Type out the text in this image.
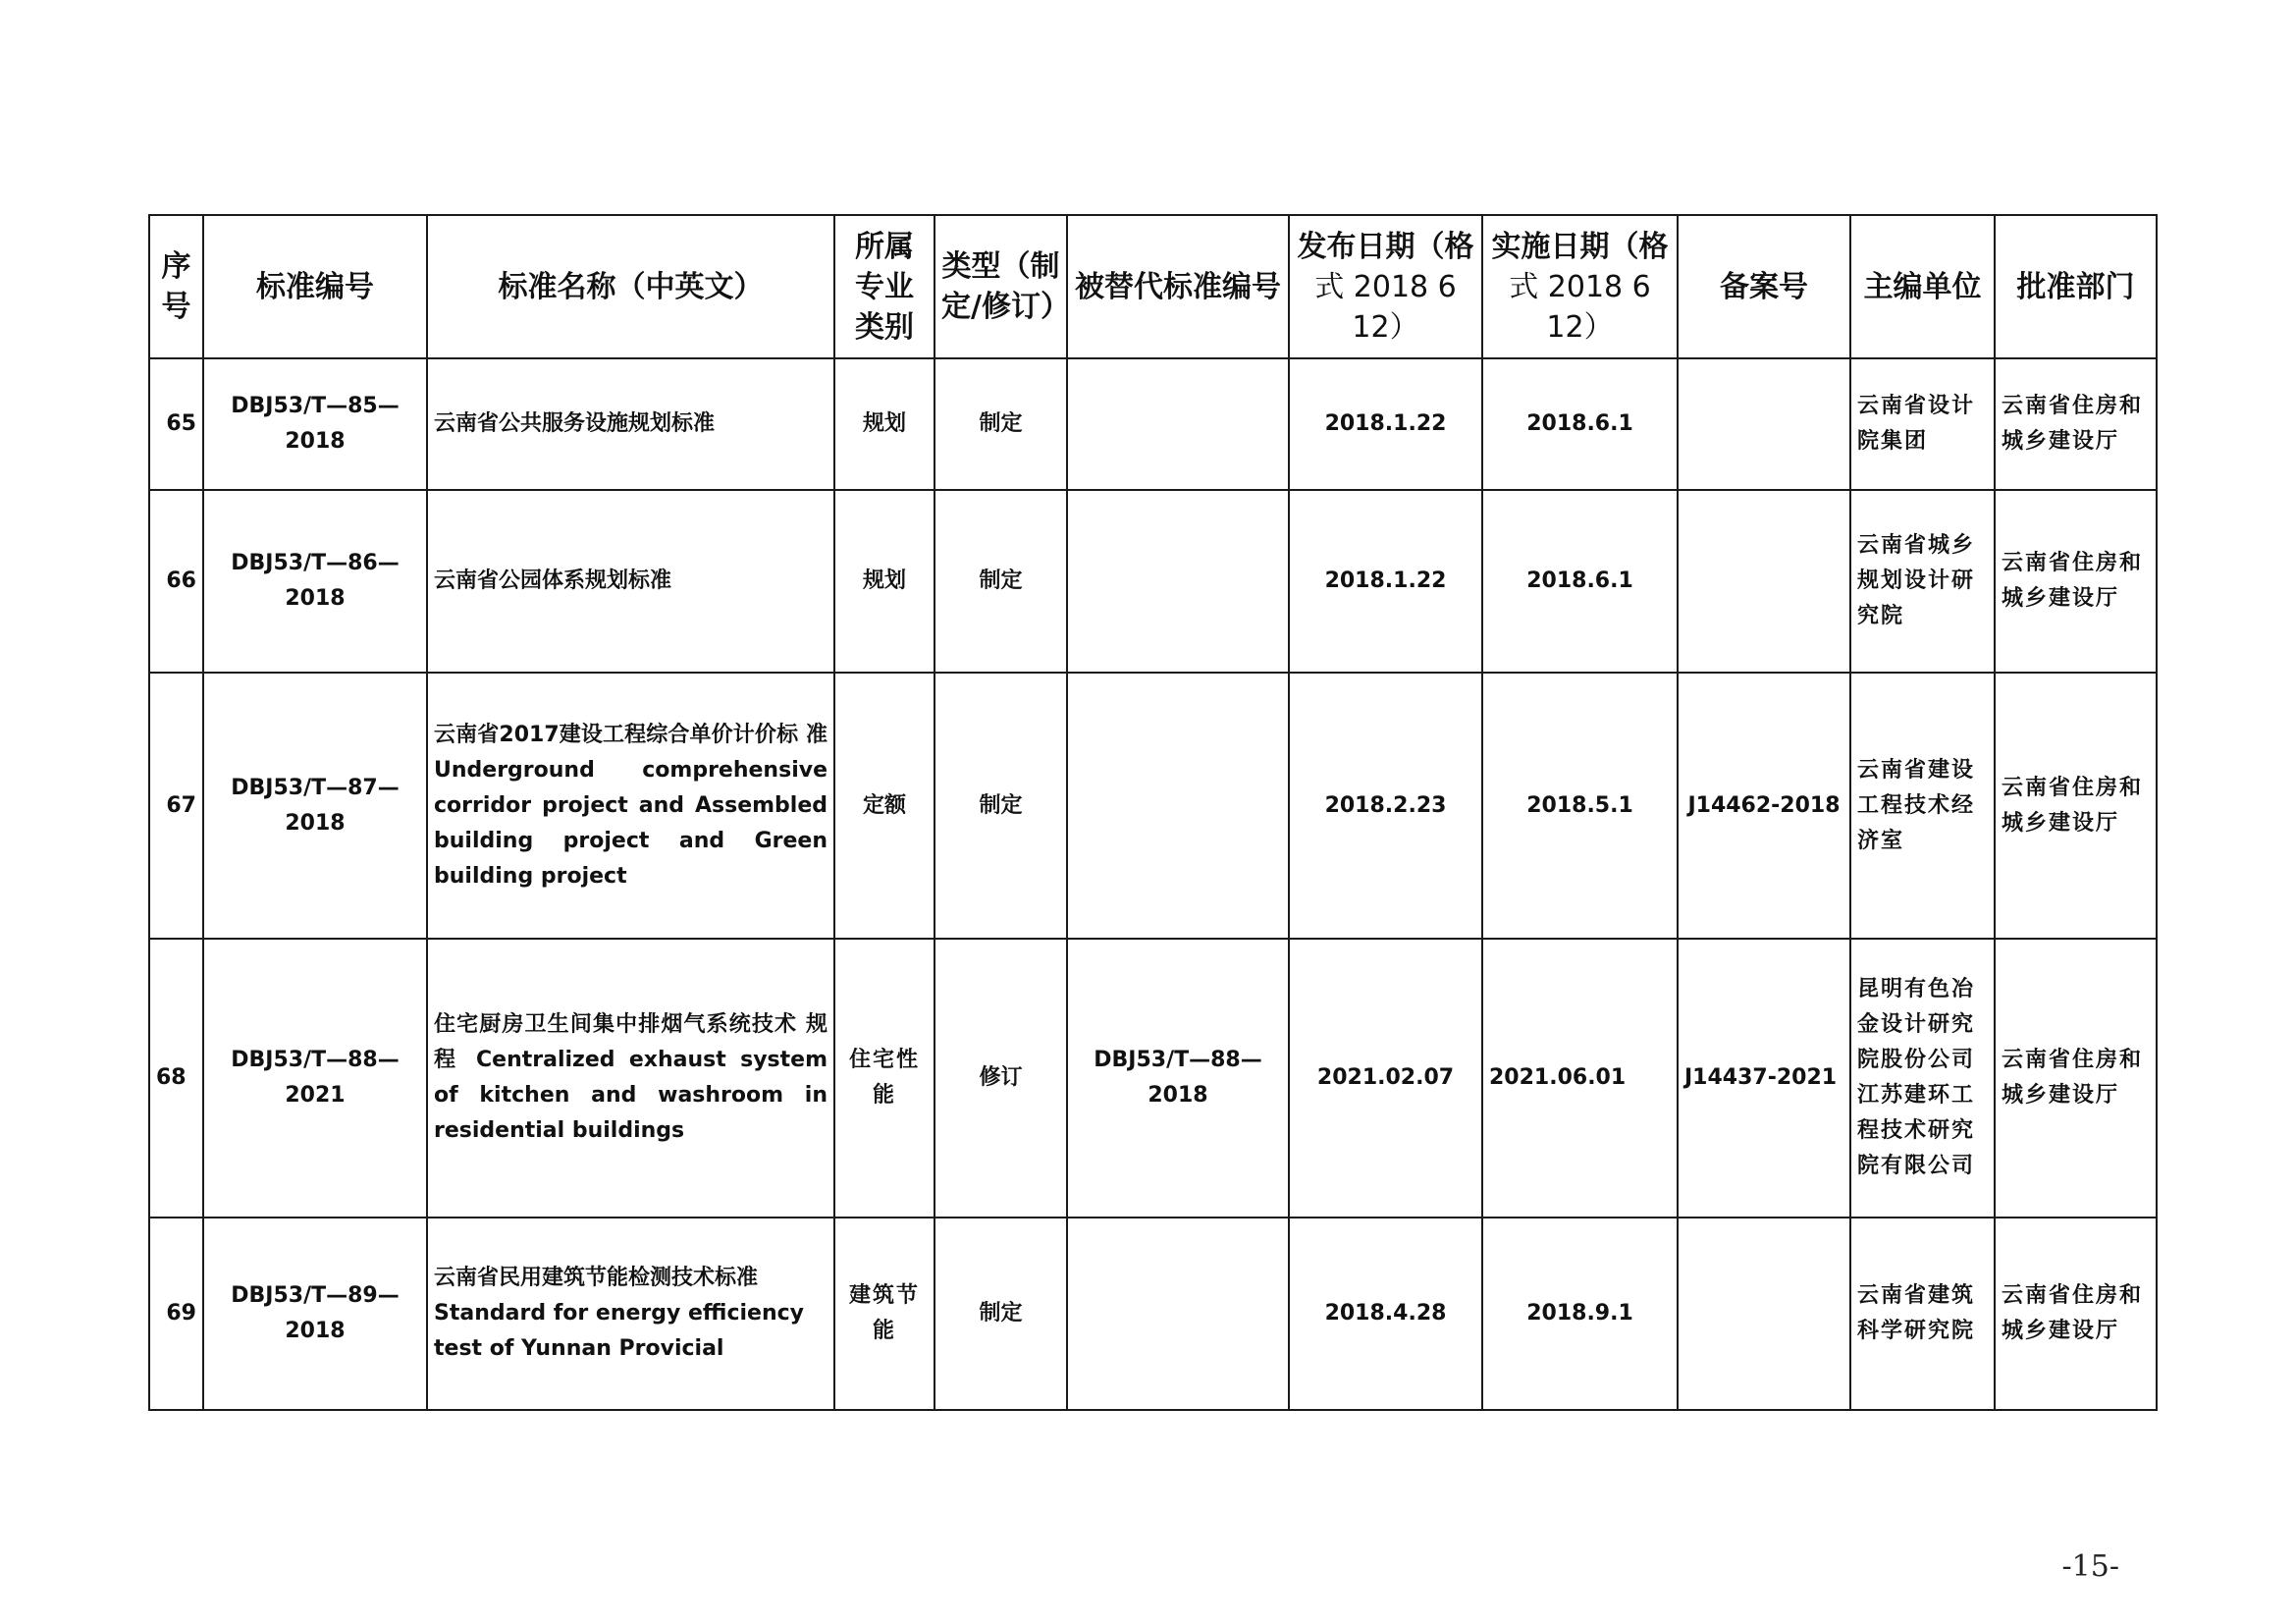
序号	标准编号	标准名称（中英文）	所属专业类别	类型（制定/修订）	被替代标准编号	发布日期（格
式 2018 6 12）	实施日期（格
式 2018 6 12）	备案号	主编单位	批准部门
65	DBJ53/T—85—2018	云南省公共服务设施规划标准	规划	制定		2018.1.22	2018.6.1		云南省设计院集团	云南省住房和城乡建设厅
66	DBJ53/T—86—2018	云南省公园体系规划标准	规划	制定		2018.1.22	2018.6.1		云南省城乡规划设计研究院	云南省住房和城乡建设厅
67	DBJ53/T—87—2018	云南省2017建设工程综合单价计价标 准 Underground comprehensive corridor project and Assembled building project and Green building project	定额	制定		2018.2.23	2018.5.1	J14462-2018	云南省建设工程技术经济室	云南省住房和城乡建设厅
68	DBJ53/T—88—2021	住宅厨房卫生间集中排烟气系统技术 规程 Centralized exhaust system of kitchen and washroom in residential buildings	住宅性能	修订	DBJ53/T—88—2018	2021.02.07	2021.06.01	J14437-2021	昆明有色冶金设计研究院股份公司 江苏建环工程技术研究院有限公司	云南省住房和城乡建设厅
69	DBJ53/T—89—2018	云南省民用建筑节能检测技术标准 Standard for energy efficiency test of Yunnan Provicial	建筑节能	制定		2018.4.28	2018.9.1		云南省建筑科学研究院	云南省住房和城乡建设厅
-15-
